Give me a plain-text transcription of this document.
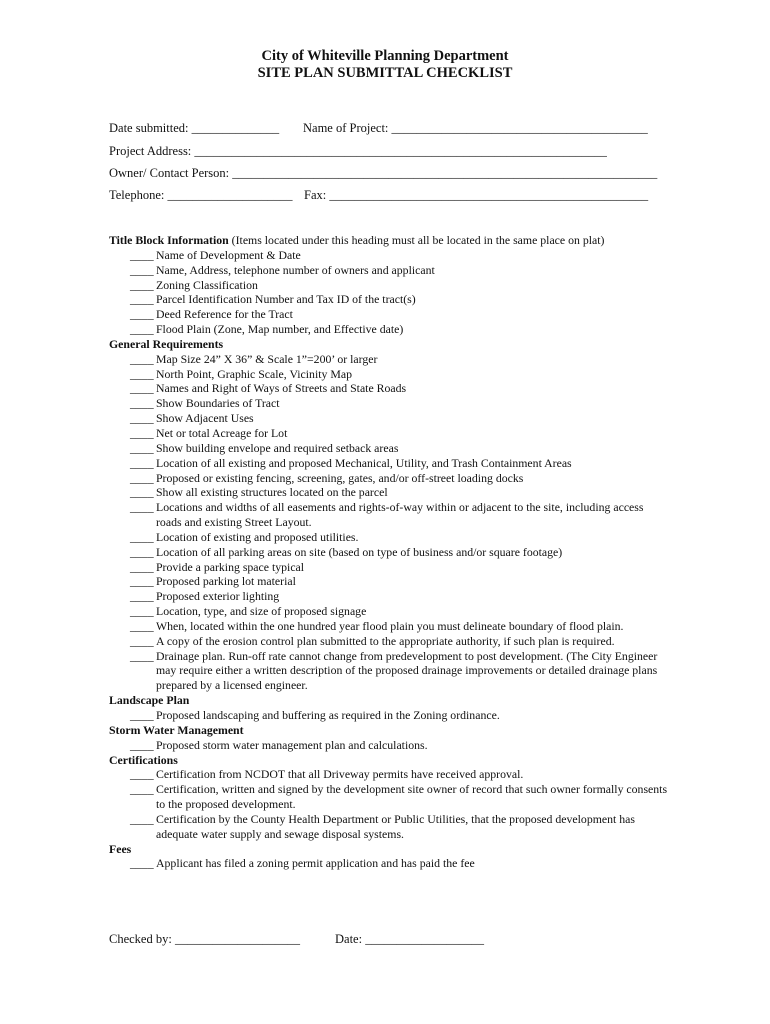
City of Whiteville Planning Department
SITE PLAN SUBMITTAL CHECKLIST
Date submitted: ______________ Name of Project: _________________________________________
Project Address: __________________________________________________________________
Owner/ Contact Person: ____________________________________________________________________
Telephone: ____________________ Fax: ___________________________________________________
Title Block Information (Items located under this heading must all be located in the same place on plat)
____ Name of Development & Date
____ Name, Address, telephone number of owners and applicant
____ Zoning Classification
____ Parcel Identification Number and Tax ID of the tract(s)
____ Deed Reference for the Tract
____ Flood Plain (Zone, Map number, and Effective date)
General Requirements
____ Map Size 24” X 36” & Scale 1”=200’ or larger
____ North Point, Graphic Scale, Vicinity Map
____ Names and Right of Ways of Streets and State Roads
____ Show Boundaries of Tract
____ Show Adjacent Uses
____ Net or total Acreage for Lot
____ Show building envelope and required setback areas
____ Location of all existing and proposed Mechanical, Utility, and Trash Containment Areas
____ Proposed or existing fencing, screening, gates, and/or off-street loading docks
____ Show all existing structures located on the parcel
____ Locations and widths of all easements and rights-of-way within or adjacent to the site, including access roads and existing Street Layout.
____ Location of existing and proposed utilities.
____ Location of all parking areas on site (based on type of business and/or square footage)
____ Provide a parking space typical
____ Proposed parking lot material
____ Proposed exterior lighting
____ Location, type, and size of proposed signage
____ When, located within the one hundred year flood plain you must delineate boundary of flood plain.
____ A copy of the erosion control plan submitted to the appropriate authority, if such plan is required.
____ Drainage plan. Run-off rate cannot change from predevelopment to post development. (The City Engineer may require either a written description of the proposed drainage improvements or detailed drainage plans prepared by a licensed engineer.
Landscape Plan
____ Proposed landscaping and buffering as required in the Zoning ordinance.
Storm Water Management
____ Proposed storm water management plan and calculations.
Certifications
____ Certification from NCDOT that all Driveway permits have received approval.
____ Certification, written and signed by the development site owner of record that such owner formally consents to the proposed development.
____ Certification by the County Health Department or Public Utilities, that the proposed development has adequate water supply and sewage disposal systems.
Fees
____ Applicant has filed a zoning permit application and has paid the fee
Checked by: ____________________	Date: ___________________
